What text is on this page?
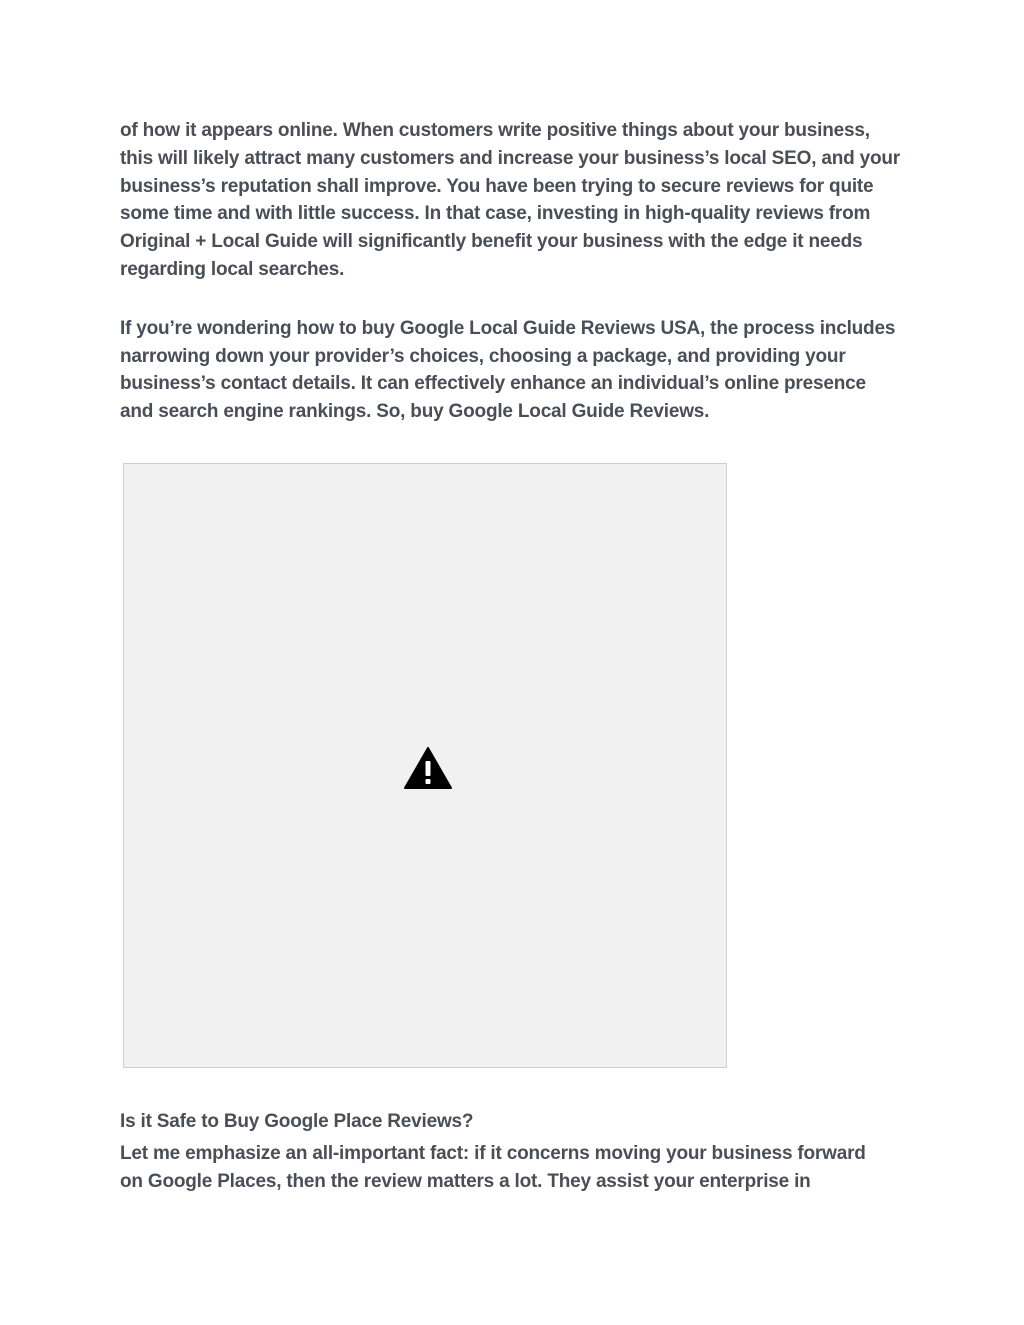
of how it appears online. When customers write positive things about your business,
this will likely attract many customers and increase your business’s local SEO, and your
business’s reputation shall improve. You have been trying to secure reviews for quite
some time and with little success. In that case, investing in high-quality reviews from
Original + Local Guide will significantly benefit your business with the edge it needs
regarding local searches.

If you’re wondering how to buy Google Local Guide Reviews USA, the process includes
narrowing down your provider’s choices, choosing a package, and providing your
business’s contact details. It can effectively enhance an individual’s online presence
and search engine rankings. So, buy Google Local Guide Reviews.

Is it Safe to Buy Google Place Reviews?

Let me emphasize an all-important fact: if it concerns moving your business forward
on Google Places, then the review matters a lot. They assist your enterprise in
